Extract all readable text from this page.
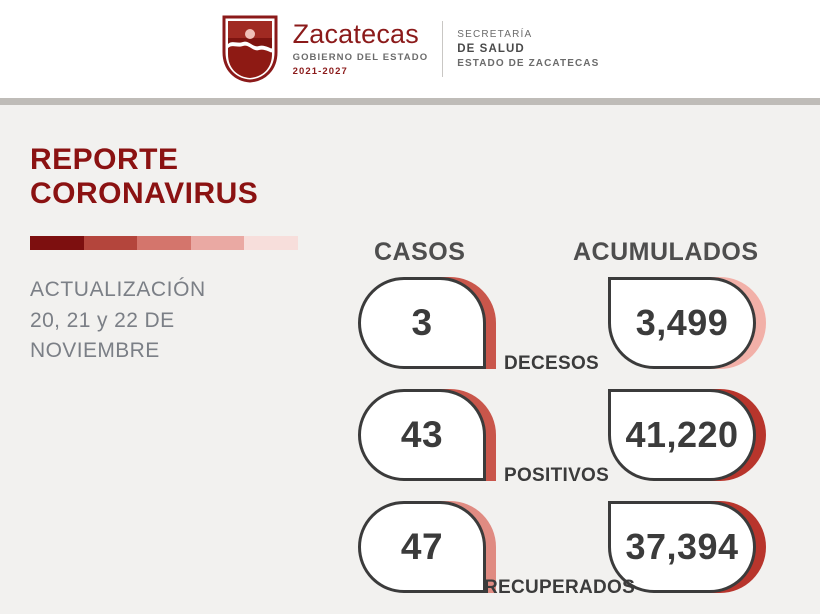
Zacatecas
GOBIERNO DEL ESTADO
2021-2027
SECRETARÍA
DE SALUD
ESTADO DE ZACATECAS
REPORTE
CORONAVIRUS
ACTUALIZACIÓN
20, 21 y 22 DE
NOVIEMBRE
CASOS	ACUMULADOS
3	3,499
DECESOS
43	41,220
POSITIVOS
47	37,394
RECUPERADOS
